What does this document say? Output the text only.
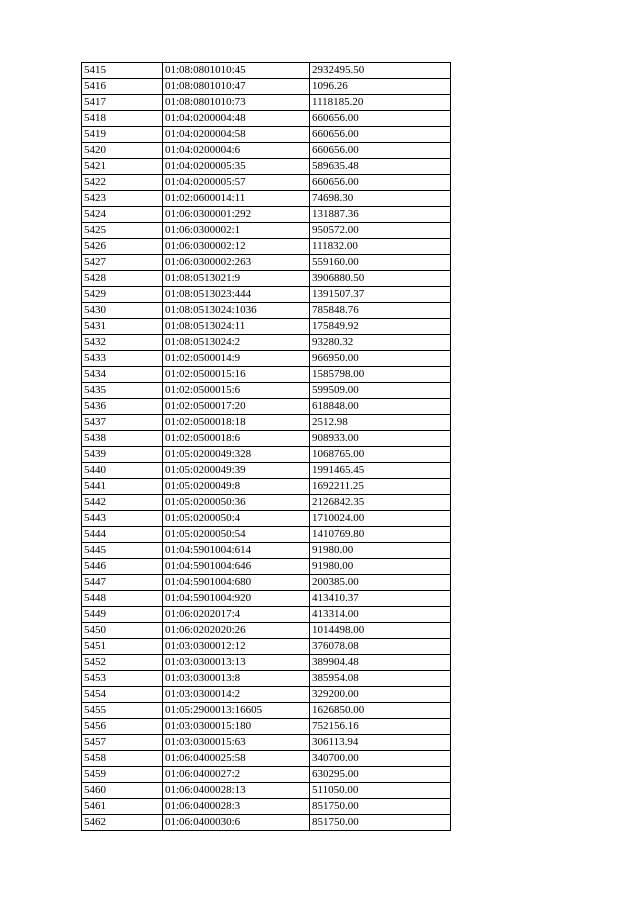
5415	01:08:0801010:45	2932495.50
5416	01:08:0801010:47	1096.26
5417	01:08:0801010:73	1118185.20
5418	01:04:0200004:48	660656.00
5419	01:04:0200004:58	660656.00
5420	01:04:0200004:6	660656.00
5421	01:04:0200005:35	589635.48
5422	01:04:0200005:57	660656.00
5423	01:02:0600014:11	74698.30
5424	01:06:0300001:292	131887.36
5425	01:06:0300002:1	950572.00
5426	01:06:0300002:12	111832.00
5427	01:06:0300002:263	559160.00
5428	01:08:0513021:9	3906880.50
5429	01:08:0513023:444	1391507.37
5430	01:08:0513024:1036	785848.76
5431	01:08:0513024:11	175849.92
5432	01:08:0513024:2	93280.32
5433	01:02:0500014:9	966950.00
5434	01:02:0500015:16	1585798.00
5435	01:02:0500015:6	599509.00
5436	01:02:0500017:20	618848.00
5437	01:02:0500018:18	2512.98
5438	01:02:0500018:6	908933.00
5439	01:05:0200049:328	1068765.00
5440	01:05:0200049:39	1991465.45
5441	01:05:0200049:8	1692211.25
5442	01:05:0200050:36	2126842.35
5443	01:05:0200050:4	1710024.00
5444	01:05:0200050:54	1410769.80
5445	01:04:5901004:614	91980.00
5446	01:04:5901004:646	91980.00
5447	01:04:5901004:680	200385.00
5448	01:04:5901004:920	413410.37
5449	01:06:0202017:4	413314.00
5450	01:06:0202020:26	1014498.00
5451	01:03:0300012:12	376078.08
5452	01:03:0300013:13	389904.48
5453	01:03:0300013:8	385954.08
5454	01:03:0300014:2	329200.00
5455	01:05:2900013:16605	1626850.00
5456	01:03:0300015:180	752156.16
5457	01:03:0300015:63	306113.94
5458	01:06:0400025:58	340700.00
5459	01:06:0400027:2	630295.00
5460	01:06:0400028:13	511050.00
5461	01:06:0400028:3	851750.00
5462	01:06:0400030:6	851750.00
